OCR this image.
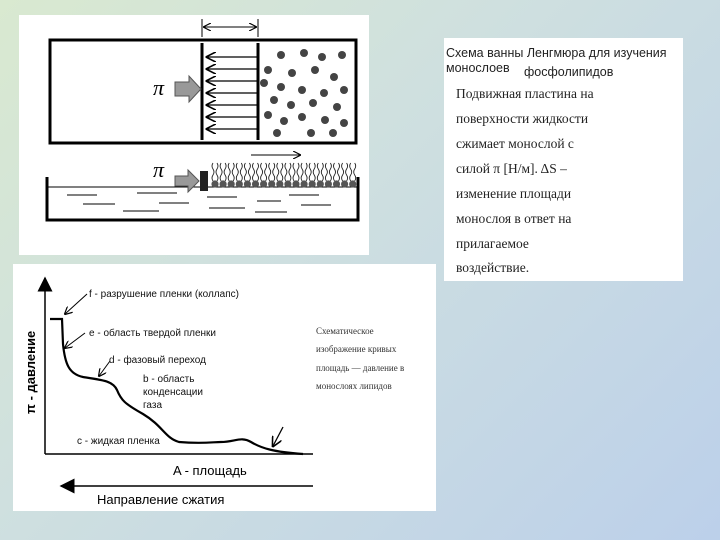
π
π
Схема ванны Ленгмюра для изучения
монослоев фосфолипидов
Подвижная пластина на
поверхности жидкости
сжимает монослой с
силой π [Н/м]. ΔS –
изменение площади
монослоя в ответ на
прилагаемое
воздействие.
π - давление
f - разрушение пленки (коллапс)
e - область твердой пленки
d - фазовый переход
b - область
конденсации
газа
c - жидкая пленка
A - площадь
Направление сжатия
Схематическое
изображение кривых
площадь — давление в
монослоях липидов
